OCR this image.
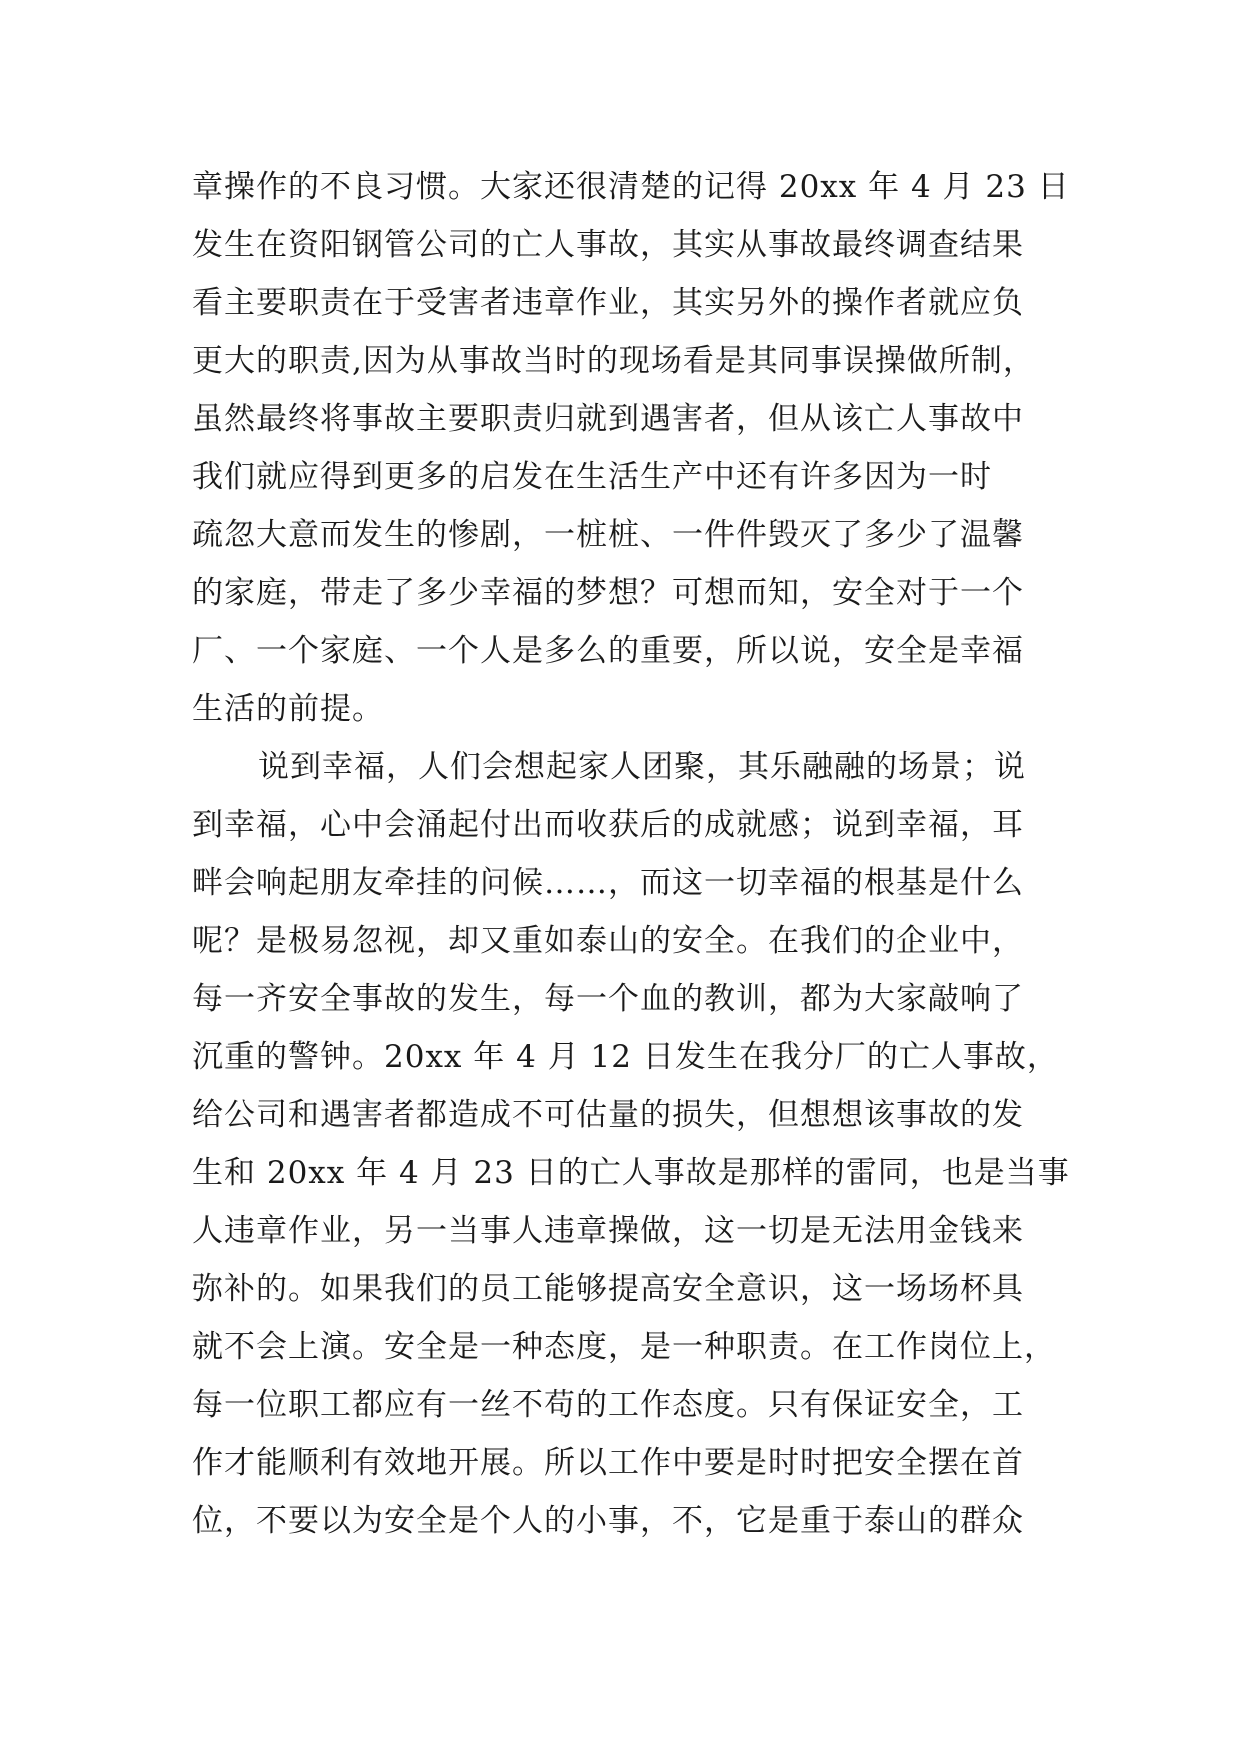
章操作的不良习惯。大家还很清楚的记得 20xx 年 4 月 23 日
发生在资阳钢管公司的亡人事故，其实从事故最终调查结果
看主要职责在于受害者违章作业，其实另外的操作者就应负
更大的职责,因为从事故当时的现场看是其同事误操做所制，
虽然最终将事故主要职责归就到遇害者，但从该亡人事故中
我们就应得到更多的启发在生活生产中还有许多因为一时
疏忽大意而发生的惨剧，一桩桩、一件件毁灭了多少了温馨
的家庭，带走了多少幸福的梦想？可想而知，安全对于一个
厂、一个家庭、一个人是多么的重要，所以说，安全是幸福
生活的前提。
说到幸福，人们会想起家人团聚，其乐融融的场景；说
到幸福，心中会涌起付出而收获后的成就感；说到幸福，耳
畔会响起朋友牵挂的问候……，而这一切幸福的根基是什么
呢？是极易忽视，却又重如泰山的安全。在我们的企业中，
每一齐安全事故的发生，每一个血的教训，都为大家敲响了
沉重的警钟。20xx 年 4 月 12 日发生在我分厂的亡人事故，
给公司和遇害者都造成不可估量的损失，但想想该事故的发
生和 20xx 年 4 月 23 日的亡人事故是那样的雷同，也是当事
人违章作业，另一当事人违章操做，这一切是无法用金钱来
弥补的。如果我们的员工能够提高安全意识，这一场场杯具
就不会上演。安全是一种态度，是一种职责。在工作岗位上，
每一位职工都应有一丝不苟的工作态度。只有保证安全，工
作才能顺利有效地开展。所以工作中要是时时把安全摆在首
位，不要以为安全是个人的小事，不，它是重于泰山的群众
